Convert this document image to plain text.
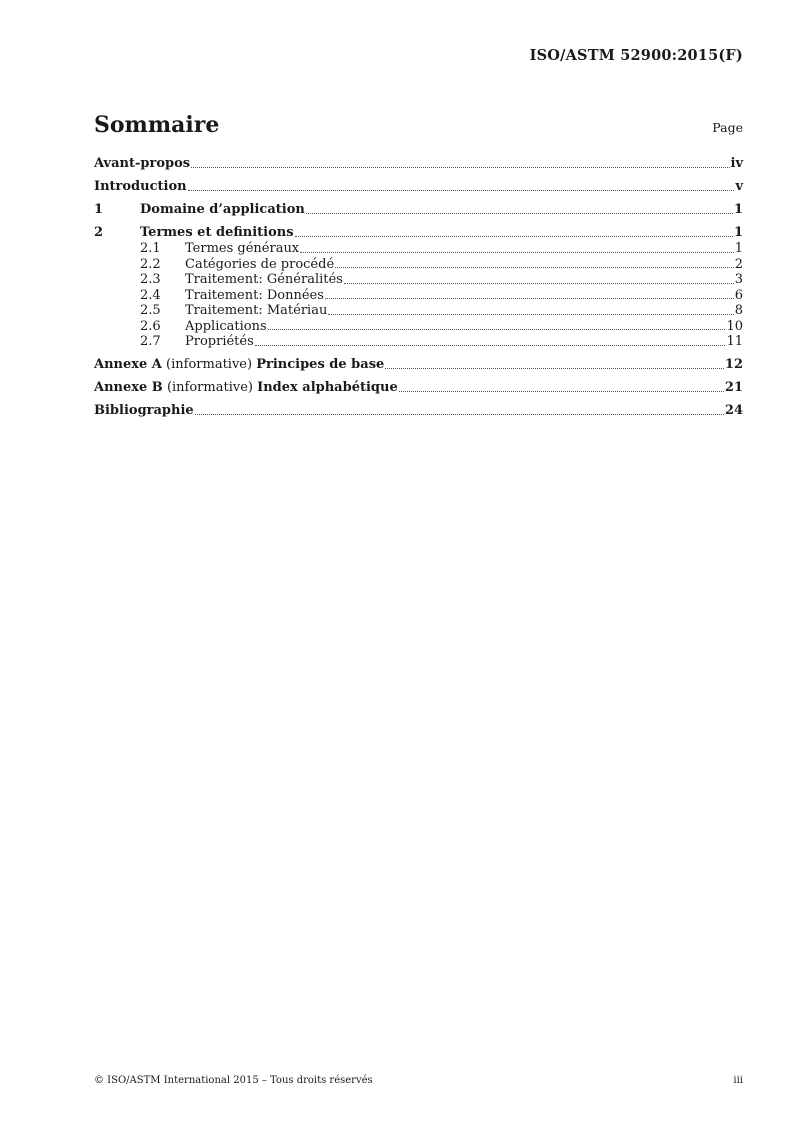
ISO/ASTM 52900:2015(F)
Sommaire	Page
Avant-propos	iv
Introduction	v
1	Domaine d’application	1
2	Termes et definitions	1
2.1	Termes généraux	1
2.2	Catégories de procédé	2
2.3	Traitement: Généralités	3
2.4	Traitement: Données	6
2.5	Traitement: Matériau	8
2.6	Applications	10
2.7	Propriétés	11
Annexe A (informative) Principes de base	12
Annexe B (informative) Index alphabétique	21
Bibliographie	24
© ISO/ASTM International 2015 – Tous droits réservés	iii
